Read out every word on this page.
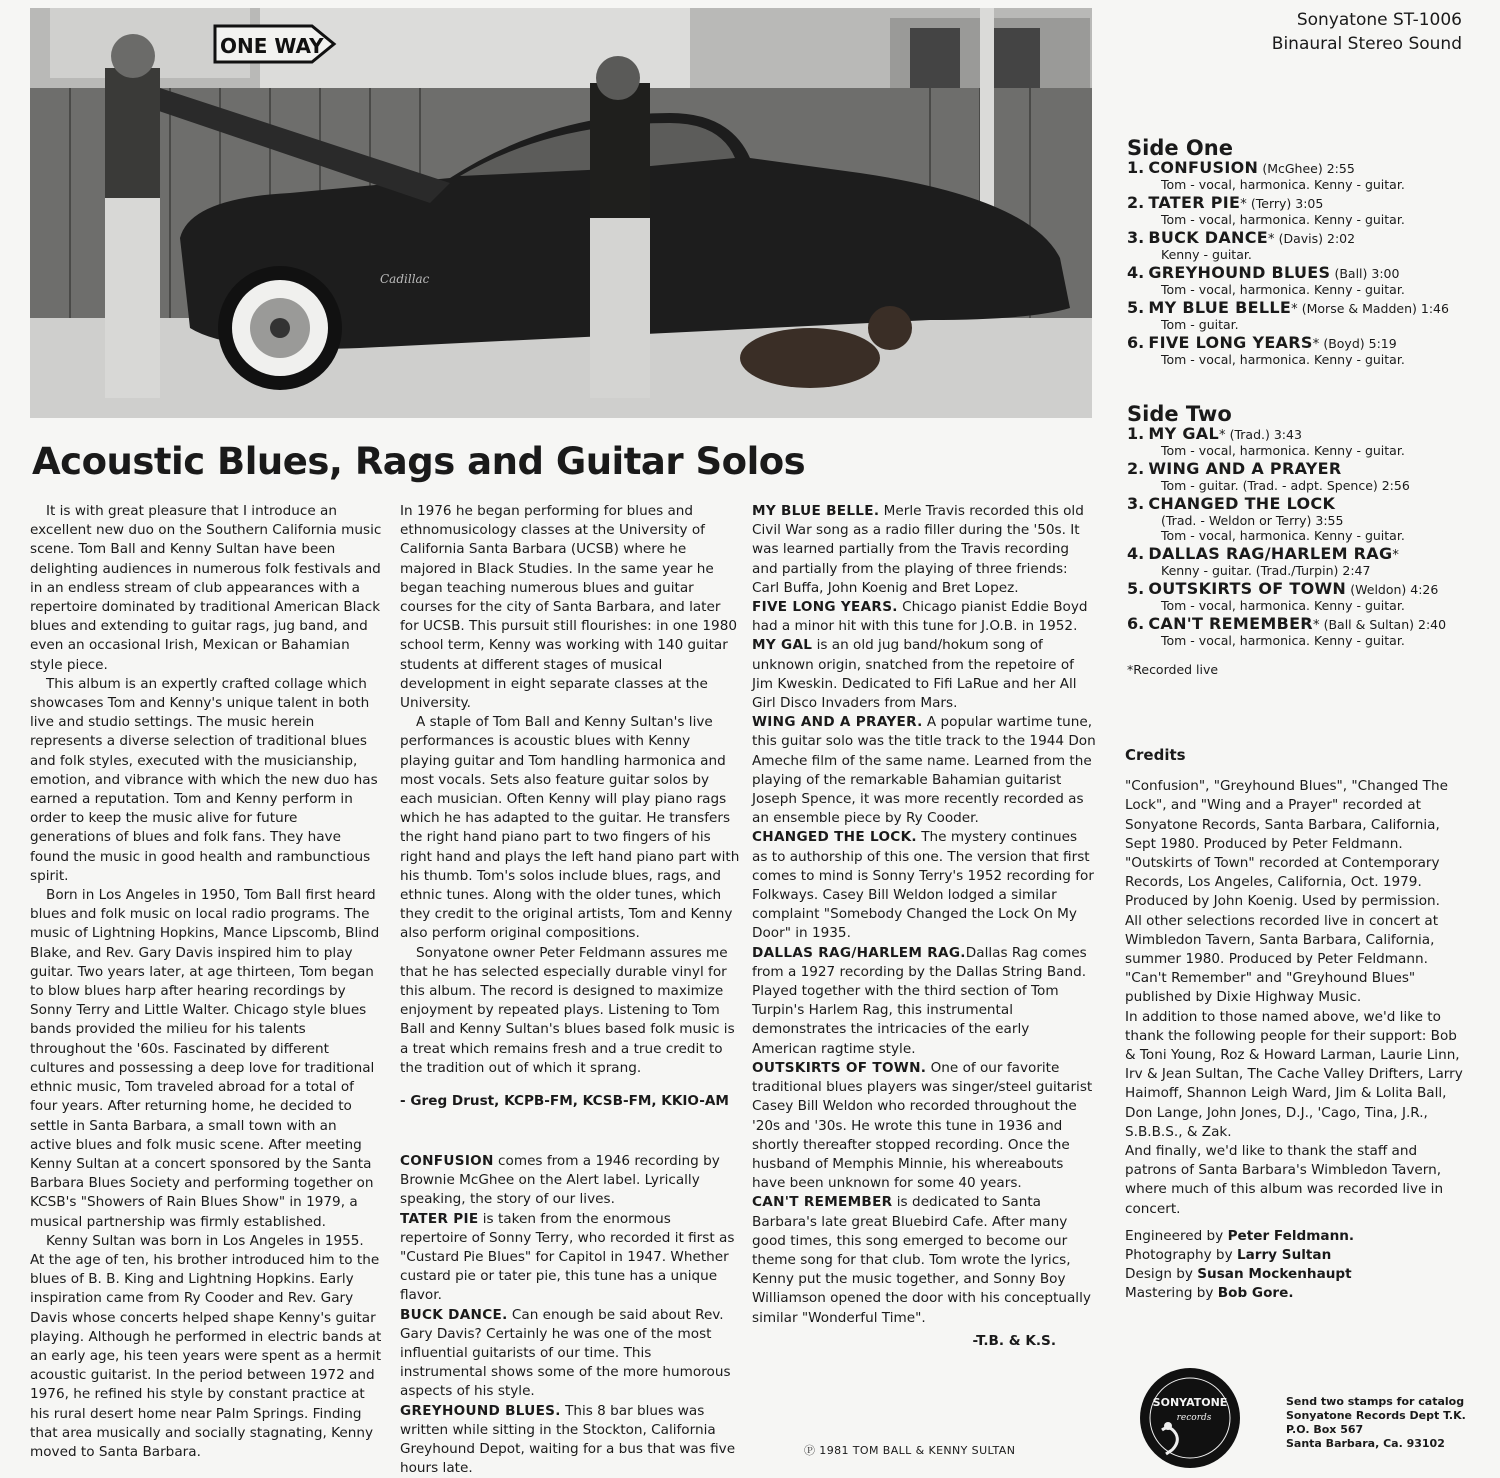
ONE WAY
Cadillac
Sonyatone ST-1006
Binaural Stereo Sound
Acoustic Blues, Rags and Guitar Solos

It is with great pleasure that I introduce an excellent new duo on the Southern California music scene. Tom Ball and Kenny Sultan have been delighting audiences in numerous folk festivals and in an endless stream of club appearances with a repertoire dominated by traditional American Black blues and extending to guitar rags, jug band, and even an occasional Irish, Mexican or Bahamian style piece.

This album is an expertly crafted collage which showcases Tom and Kenny's unique talent in both live and studio settings. The music herein represents a diverse selection of traditional blues and folk styles, executed with the musicianship, emotion, and vibrance with which the new duo has earned a reputation. Tom and Kenny perform in order to keep the music alive for future generations of blues and folk fans. They have found the music in good health and rambunctious spirit.

Born in Los Angeles in 1950, Tom Ball first heard blues and folk music on local radio programs. The music of Lightning Hopkins, Mance Lipscomb, Blind Blake, and Rev. Gary Davis inspired him to play guitar. Two years later, at age thirteen, Tom began to blow blues harp after hearing recordings by Sonny Terry and Little Walter. Chicago style blues bands provided the milieu for his talents throughout the '60s. Fascinated by different cultures and possessing a deep love for traditional ethnic music, Tom traveled abroad for a total of four years. After returning home, he decided to settle in Santa Barbara, a small town with an active blues and folk music scene. After meeting Kenny Sultan at a concert sponsored by the Santa Barbara Blues Society and performing together on KCSB's "Showers of Rain Blues Show" in 1979, a musical partnership was firmly established.

Kenny Sultan was born in Los Angeles in 1955. At the age of ten, his brother introduced him to the blues of B. B. King and Lightning Hopkins. Early inspiration came from Ry Cooder and Rev. Gary Davis whose concerts helped shape Kenny's guitar playing. Although he performed in electric bands at an early age, his teen years were spent as a hermit acoustic guitarist. In the period between 1972 and 1976, he refined his style by constant practice at his rural desert home near Palm Springs. Finding that area musically and socially stagnating, Kenny moved to Santa Barbara.

In 1976 he began performing for blues and ethnomusicology classes at the University of California Santa Barbara (UCSB) where he majored in Black Studies. In the same year he began teaching numerous blues and guitar courses for the city of Santa Barbara, and later for UCSB. This pursuit still flourishes: in one 1980 school term, Kenny was working with 140 guitar students at different stages of musical development in eight separate classes at the University.

A staple of Tom Ball and Kenny Sultan's live performances is acoustic blues with Kenny playing guitar and Tom handling harmonica and most vocals. Sets also feature guitar solos by each musician. Often Kenny will play piano rags which he has adapted to the guitar. He transfers the right hand piano part to two fingers of his right hand and plays the left hand piano part with his thumb. Tom's solos include blues, rags, and ethnic tunes. Along with the older tunes, which they credit to the original artists, Tom and Kenny also perform original compositions.

Sonyatone owner Peter Feldmann assures me that he has selected especially durable vinyl for this album. The record is designed to maximize enjoyment by repeated plays. Listening to Tom Ball and Kenny Sultan's blues based folk music is a treat which remains fresh and a true credit to the tradition out of which it sprang.

- Greg Drust, KCPB-FM, KCSB-FM, KKIO-AM

CONFUSION comes from a 1946 recording by Brownie McGhee on the Alert label. Lyrically speaking, the story of our lives.

TATER PIE is taken from the enormous repertoire of Sonny Terry, who recorded it first as "Custard Pie Blues" for Capitol in 1947. Whether custard pie or tater pie, this tune has a unique flavor.

BUCK DANCE. Can enough be said about Rev. Gary Davis? Certainly he was one of the most influential guitarists of our time. This instrumental shows some of the more humorous aspects of his style.

GREYHOUND BLUES. This 8 bar blues was written while sitting in the Stockton, California Greyhound Depot, waiting for a bus that was five hours late.

MY BLUE BELLE. Merle Travis recorded this old Civil War song as a radio filler during the '50s. It was learned partially from the Travis recording and partially from the playing of three friends: Carl Buffa, John Koenig and Bret Lopez.

FIVE LONG YEARS. Chicago pianist Eddie Boyd had a minor hit with this tune for J.O.B. in 1952.

MY GAL is an old jug band/hokum song of unknown origin, snatched from the repetoire of Jim Kweskin. Dedicated to Fifi LaRue and her All Girl Disco Invaders from Mars.

WING AND A PRAYER. A popular wartime tune, this guitar solo was the title track to the 1944 Don Ameche film of the same name. Learned from the playing of the remarkable Bahamian guitarist Joseph Spence, it was more recently recorded as an ensemble piece by Ry Cooder.

CHANGED THE LOCK. The mystery continues as to authorship of this one. The version that first comes to mind is Sonny Terry's 1952 recording for Folkways. Casey Bill Weldon lodged a similar complaint "Somebody Changed the Lock On My Door" in 1935.

DALLAS RAG/HARLEM RAG.Dallas Rag comes from a 1927 recording by the Dallas String Band. Played together with the third section of Tom Turpin's Harlem Rag, this instrumental demonstrates the intricacies of the early American ragtime style.

OUTSKIRTS OF TOWN. One of our favorite traditional blues players was singer/steel guitarist Casey Bill Weldon who recorded throughout the '20s and '30s. He wrote this tune in 1936 and shortly thereafter stopped recording. Once the husband of Memphis Minnie, his whereabouts have been unknown for some 40 years.

CAN'T REMEMBER is dedicated to Santa Barbara's late great Bluebird Cafe. After many good times, this song emerged to become our theme song for that club. Tom wrote the lyrics, Kenny put the music together, and Sonny Boy Williamson opened the door with his conceptually similar "Wonderful Time".

-T.B. & K.S.

Side One
1. CONFUSION (McGhee) 2:55
Tom - vocal, harmonica. Kenny - guitar.
2. TATER PIE* (Terry) 3:05
Tom - vocal, harmonica. Kenny - guitar.
3. BUCK DANCE* (Davis) 2:02
Kenny - guitar.
4. GREYHOUND BLUES (Ball) 3:00
Tom - vocal, harmonica. Kenny - guitar.
5. MY BLUE BELLE* (Morse & Madden) 1:46
Tom - guitar.
6. FIVE LONG YEARS* (Boyd) 5:19
Tom - vocal, harmonica. Kenny - guitar.
Side Two
1. MY GAL* (Trad.) 3:43
Tom - vocal, harmonica. Kenny - guitar.
2. WING AND A PRAYER
Tom - guitar. (Trad. - adpt. Spence) 2:56
3. CHANGED THE LOCK
(Trad. - Weldon or Terry) 3:55
Tom - vocal, harmonica. Kenny - guitar.
4. DALLAS RAG/HARLEM RAG*
Kenny - guitar. (Trad./Turpin) 2:47
5. OUTSKIRTS OF TOWN (Weldon) 4:26
Tom - vocal, harmonica. Kenny - guitar.
6. CAN'T REMEMBER* (Ball & Sultan) 2:40
Tom - vocal, harmonica. Kenny - guitar.
*Recorded live
Credits

"Confusion", "Greyhound Blues", "Changed The Lock", and "Wing and a Prayer" recorded at Sonyatone Records, Santa Barbara, California, Sept 1980. Produced by Peter Feldmann.

"Outskirts of Town" recorded at Contemporary Records, Los Angeles, California, Oct. 1979. Produced by John Koenig. Used by permission.

All other selections recorded live in concert at Wimbledon Tavern, Santa Barbara, California, summer 1980. Produced by Peter Feldmann.

"Can't Remember" and "Greyhound Blues" published by Dixie Highway Music.

In addition to those named above, we'd like to thank the following people for their support: Bob & Toni Young, Roz & Howard Larman, Laurie Linn, Irv & Jean Sultan, The Cache Valley Drifters, Larry Haimoff, Shannon Leigh Ward, Jim & Lolita Ball, Don Lange, John Jones, D.J., 'Cago, Tina, J.R., S.B.B.S., & Zak.

And finally, we'd like to thank the staff and patrons of Santa Barbara's Wimbledon Tavern, where much of this album was recorded live in concert.

Engineered by Peter Feldmann.

Photography by Larry Sultan

Design by Susan Mockenhaupt

Mastering by Bob Gore.

SONYATONE
records
Send two stamps for catalog
Sonyatone Records Dept T.K.
P.O. Box 567
Santa Barbara, Ca. 93102
Ⓟ 1981 TOM BALL & KENNY SULTAN
